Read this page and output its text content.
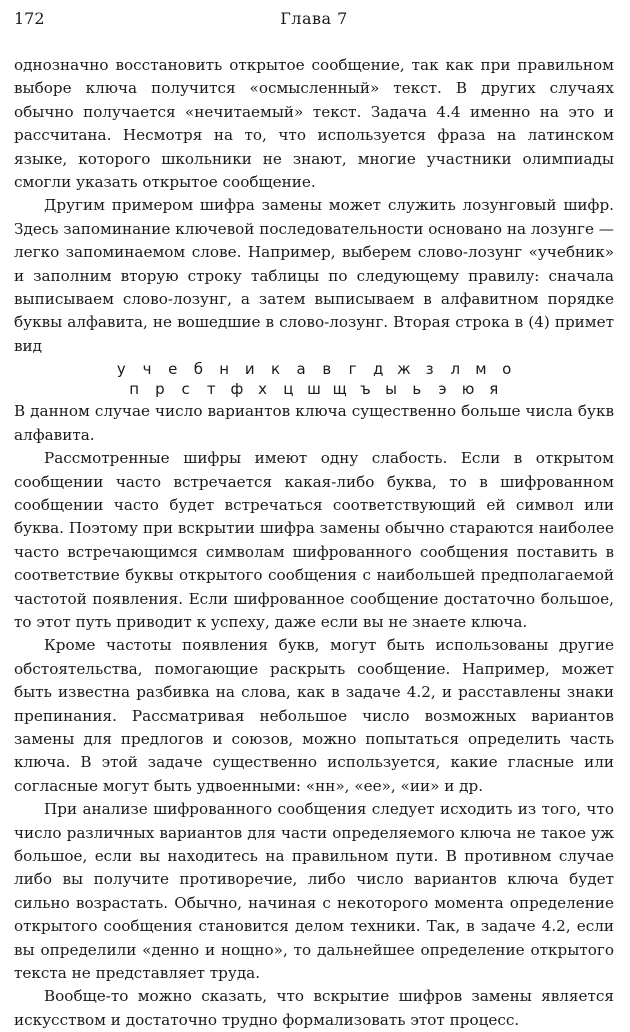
172	Глава 7

однозначно восстановить открытое сообщение, так как при правильном выборе ключа получится «осмысленный» текст. В других случаях обычно получается «нечитаемый» текст. Задача 4.4 именно на это и рассчитана. Несмотря на то, что используется фраза на латинском языке, которого школьники не знают, многие участники олимпиады смогли указать открытое сообщение.

Другим примером шифра замены может служить лозунговый шифр. Здесь запоминание ключевой последовательности основано на лозунге — легко запоминаемом слове. Например, выберем слово-лозунг «учебник» и заполним вторую строку таблицы по следующему правилу: сначала выписываем слово-лозунг, а затем выписываем в алфавитном порядке буквы алфавита, не вошедшие в слово-лозунг. Вторая строка в (4) примет вид

у	ч	е	б	н	и	к	а	в	г	д ж з	л	м	о
п	р	с	т ф х	ц ш щ ъ ы	ь	э	ю я

В данном случае число вариантов ключа существенно больше числа букв алфавита.

Рассмотренные шифры имеют одну слабость. Если в открытом сообщении часто встречается какая-либо буква, то в шифрованном сообщении часто будет встречаться соответствующий ей символ или буква. Поэтому при вскрытии шифра замены обычно стараются наиболее часто встречающимся символам шифрованного сообщения поставить в соответствие буквы открытого сообщения с наибольшей предполагаемой частотой появления. Если шифрованное сообщение достаточно большое, то этот путь приводит к успеху, даже если вы не знаете ключа.

Кроме частоты появления букв, могут быть использованы другие обстоятельства, помогающие раскрыть сообщение. Например, может быть известна разбивка на слова, как в задаче 4.2, и расставлены знаки препинания. Рассматривая небольшое число возможных вариантов замены для предлогов и союзов, можно попытаться определить часть ключа. В этой задаче существенно используется, какие гласные или согласные могут быть удвоенными: «нн», «ее», «ии» и др.

При анализе шифрованного сообщения следует исходить из того, что число различных вариантов для части определяемого ключа не такое уж большое, если вы находитесь на правильном пути. В противном случае либо вы получите противоречие, либо число вариантов ключа будет сильно возрастать. Обычно, начиная с некоторого момента определение открытого сообщения становится делом техники. Так, в задаче 4.2, если вы определили «денно и нощно», то дальнейшее определение открытого текста не представляет труда.

Вообще-то можно сказать, что вскрытие шифров замены является искусством и достаточно трудно формализовать этот процесс.
